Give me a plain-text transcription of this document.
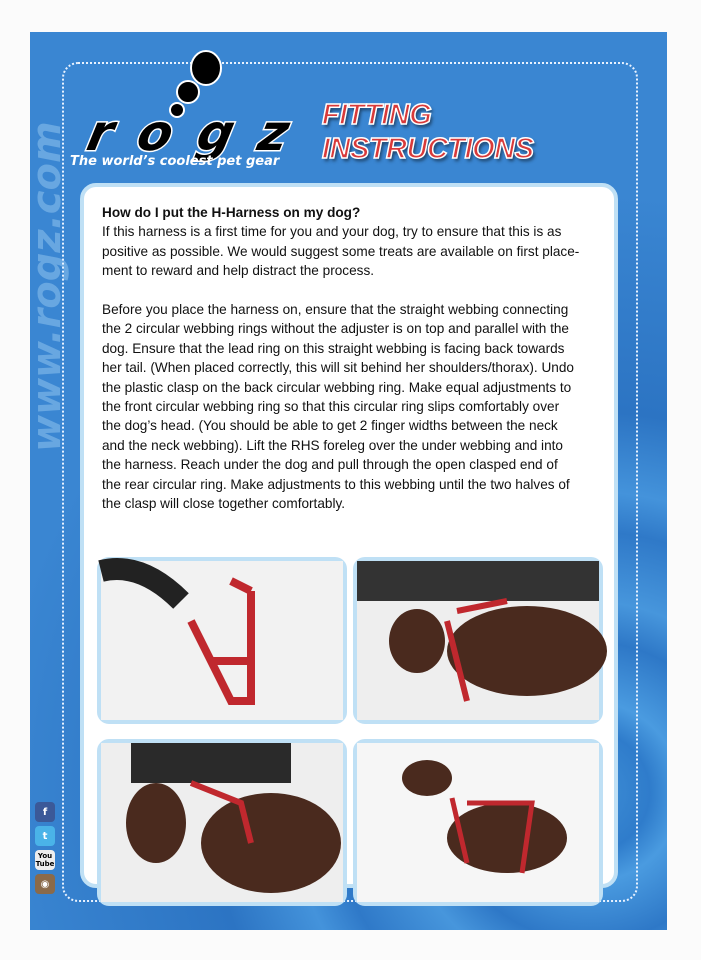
www.rogz.com rogz
The world’s coolest pet gear
FITTING
INSTRUCTIONS
f
t
You Tube
◉
How do I put the H-Harness on my dog?

If this harness is a first time for you and your dog, try to ensure that this is as
positive as possible. We would suggest some treats are available on first place-
ment to reward and help distract the process.

Before you place the harness on, ensure that the straight webbing connecting
the 2 circular webbing rings without the adjuster is on top and parallel with the
dog. Ensure that the lead ring on this straight webbing is facing back towards
her tail. (When placed correctly, this will sit behind her shoulders/thorax). Undo
the plastic clasp on the back circular webbing ring. Make equal adjustments to
the front circular webbing ring so that this circular ring slips comfortably over
the dog’s head. (You should be able to get 2 finger widths between the neck
and the neck webbing). Lift the RHS foreleg over the under webbing and into
the harness. Reach under the dog and pull through the open clasped end of
the rear circular ring. Make adjustments to this webbing until the two halves of
the clasp will close together comfortably.
